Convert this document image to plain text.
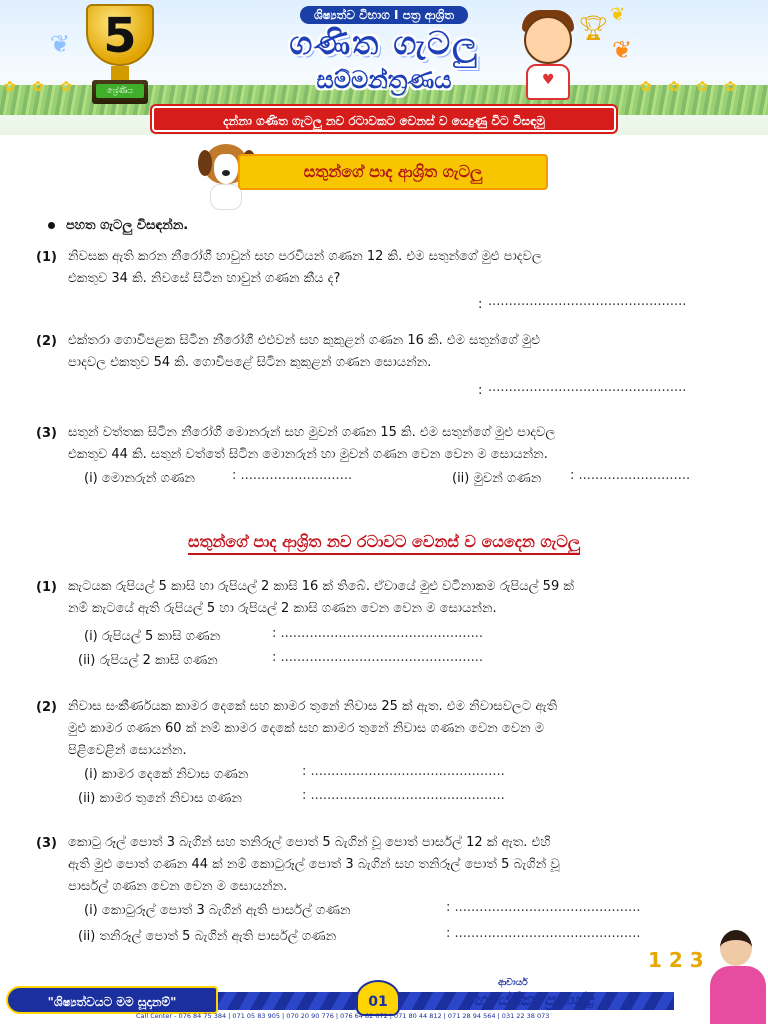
✿ ✿ ✿	✿ ✿ ✿ ✿
❦	❦
❦
5
ශ්‍රේණිය
ශිෂ්‍යත්ව විභාග I පත්‍ර ආශ්‍රිත
ගණිත ගැටලු
සම්මන්ත්‍රණය	♥
🏆︎
දන්නා ගණිත ගැටලු නව රටාවකට වෙනස් ව යෙදුණු විට විසඳමු
සතුන්ගේ පාද ආශ්‍රිත ගැටලු
පහත ගැටලු විසඳන්න.
(1) නිවසක ඇති කරන නීරෝගී හාවුන් සහ පරවියන් ගණන 12 කි. එම සතුන්ගේ මුළු පාදවල
එකතුව 34 කි. නිවසේ සිටින හාවුන් ගණන කීය ද?
: ................................................
(2) එක්තරා ගොවිපළක සිටින නීරෝගී එළුවන් සහ කුකුළන් ගණන 16 කි. එම සතුන්ගේ මුළු
පාදවල එකතුව 54 කි. ගොවිපළේ සිටින කුකුළන් ගණන සොයන්න.
: ................................................
(3) සතුන් වත්තක සිටින නීරෝගී මොනරුන් සහ මුවන් ගණන 15 කි. එම සතුන්ගේ මුළු පාදවල
එකතුව 44 කි. සතුන් වත්තේ සිටින මොනරුන් හා මුවන් ගණන වෙන වෙන ම සොයන්න.
(i) මොනරුන් ගණන	: ...........................	(ii) මුවන් ගණන : ...........................
සතුන්ගේ පාද ආශ්‍රිත නව රටාවට වෙනස් ව යෙදෙන ගැටලු
(1) කැටයක රුපියල් 5 කාසි හා රුපියල් 2 කාසි 16 ක් තිබේ. ඒවායේ මුළු වටිනාකම රුපියල් 59 ක්
නම් කැටයේ ඇති රුපියල් 5 හා රුපියල් 2 කාසි ගණන වෙන වෙන ම සොයන්න.
(i) රුපියල් 5 කාසි ගණන	: .................................................
(ii) රුපියල් 2 කාසි ගණන	: .................................................
(2) නිවාස සංකීර්ණයක කාමර දෙකේ සහ කාමර තුනේ නිවාස 25 ක් ඇත. එම නිවාසවලට ඇති
මුළු කාමර ගණන 60 ක් නම් කාමර දෙකේ සහ කාමර තුනේ නිවාස ගණන වෙන වෙන ම
පිළිවෙළින් සොයන්න.
(i) කාමර දෙකේ නිවාස ගණන	: ...............................................
(ii) කාමර තුනේ නිවාස ගණන	: ...............................................
(3) කොටු රූල් පොත් 3 බැගින් සහ තනිරූල් පොත් 5 බැගින් වූ පොත් පාර්සල් 12 ක් ඇත. එහි
ඇති මුළු පොත් ගණන 44 ක් නම් කොටුරූල් පොත් 3 බැගින් සහ තනිරූල් පොත් 5 බැගින් වූ
පාර්සල් ගණන වෙන වෙන ම සොයන්න.
(i) කොටුරූල් පොත් 3 බැගින් ඇති පාර්සල් ගණන	: .............................................
(ii) තනිරූල් පොත් 5 බැගින් ඇති පාර්සල් ගණන	: .............................................
1 2 3
"ශිෂ්‍යත්වයට මම සූදානම්"	01
Call Center - 076 84 75 384 | 071 05 83 905 | 070 20 90 776 | 076 64 82 072 | 071 80 44 812 | 071 28 94 564 | 031 22 38 073
ආචාර්ය
හයේශිකා ප්‍රනාන්දු
